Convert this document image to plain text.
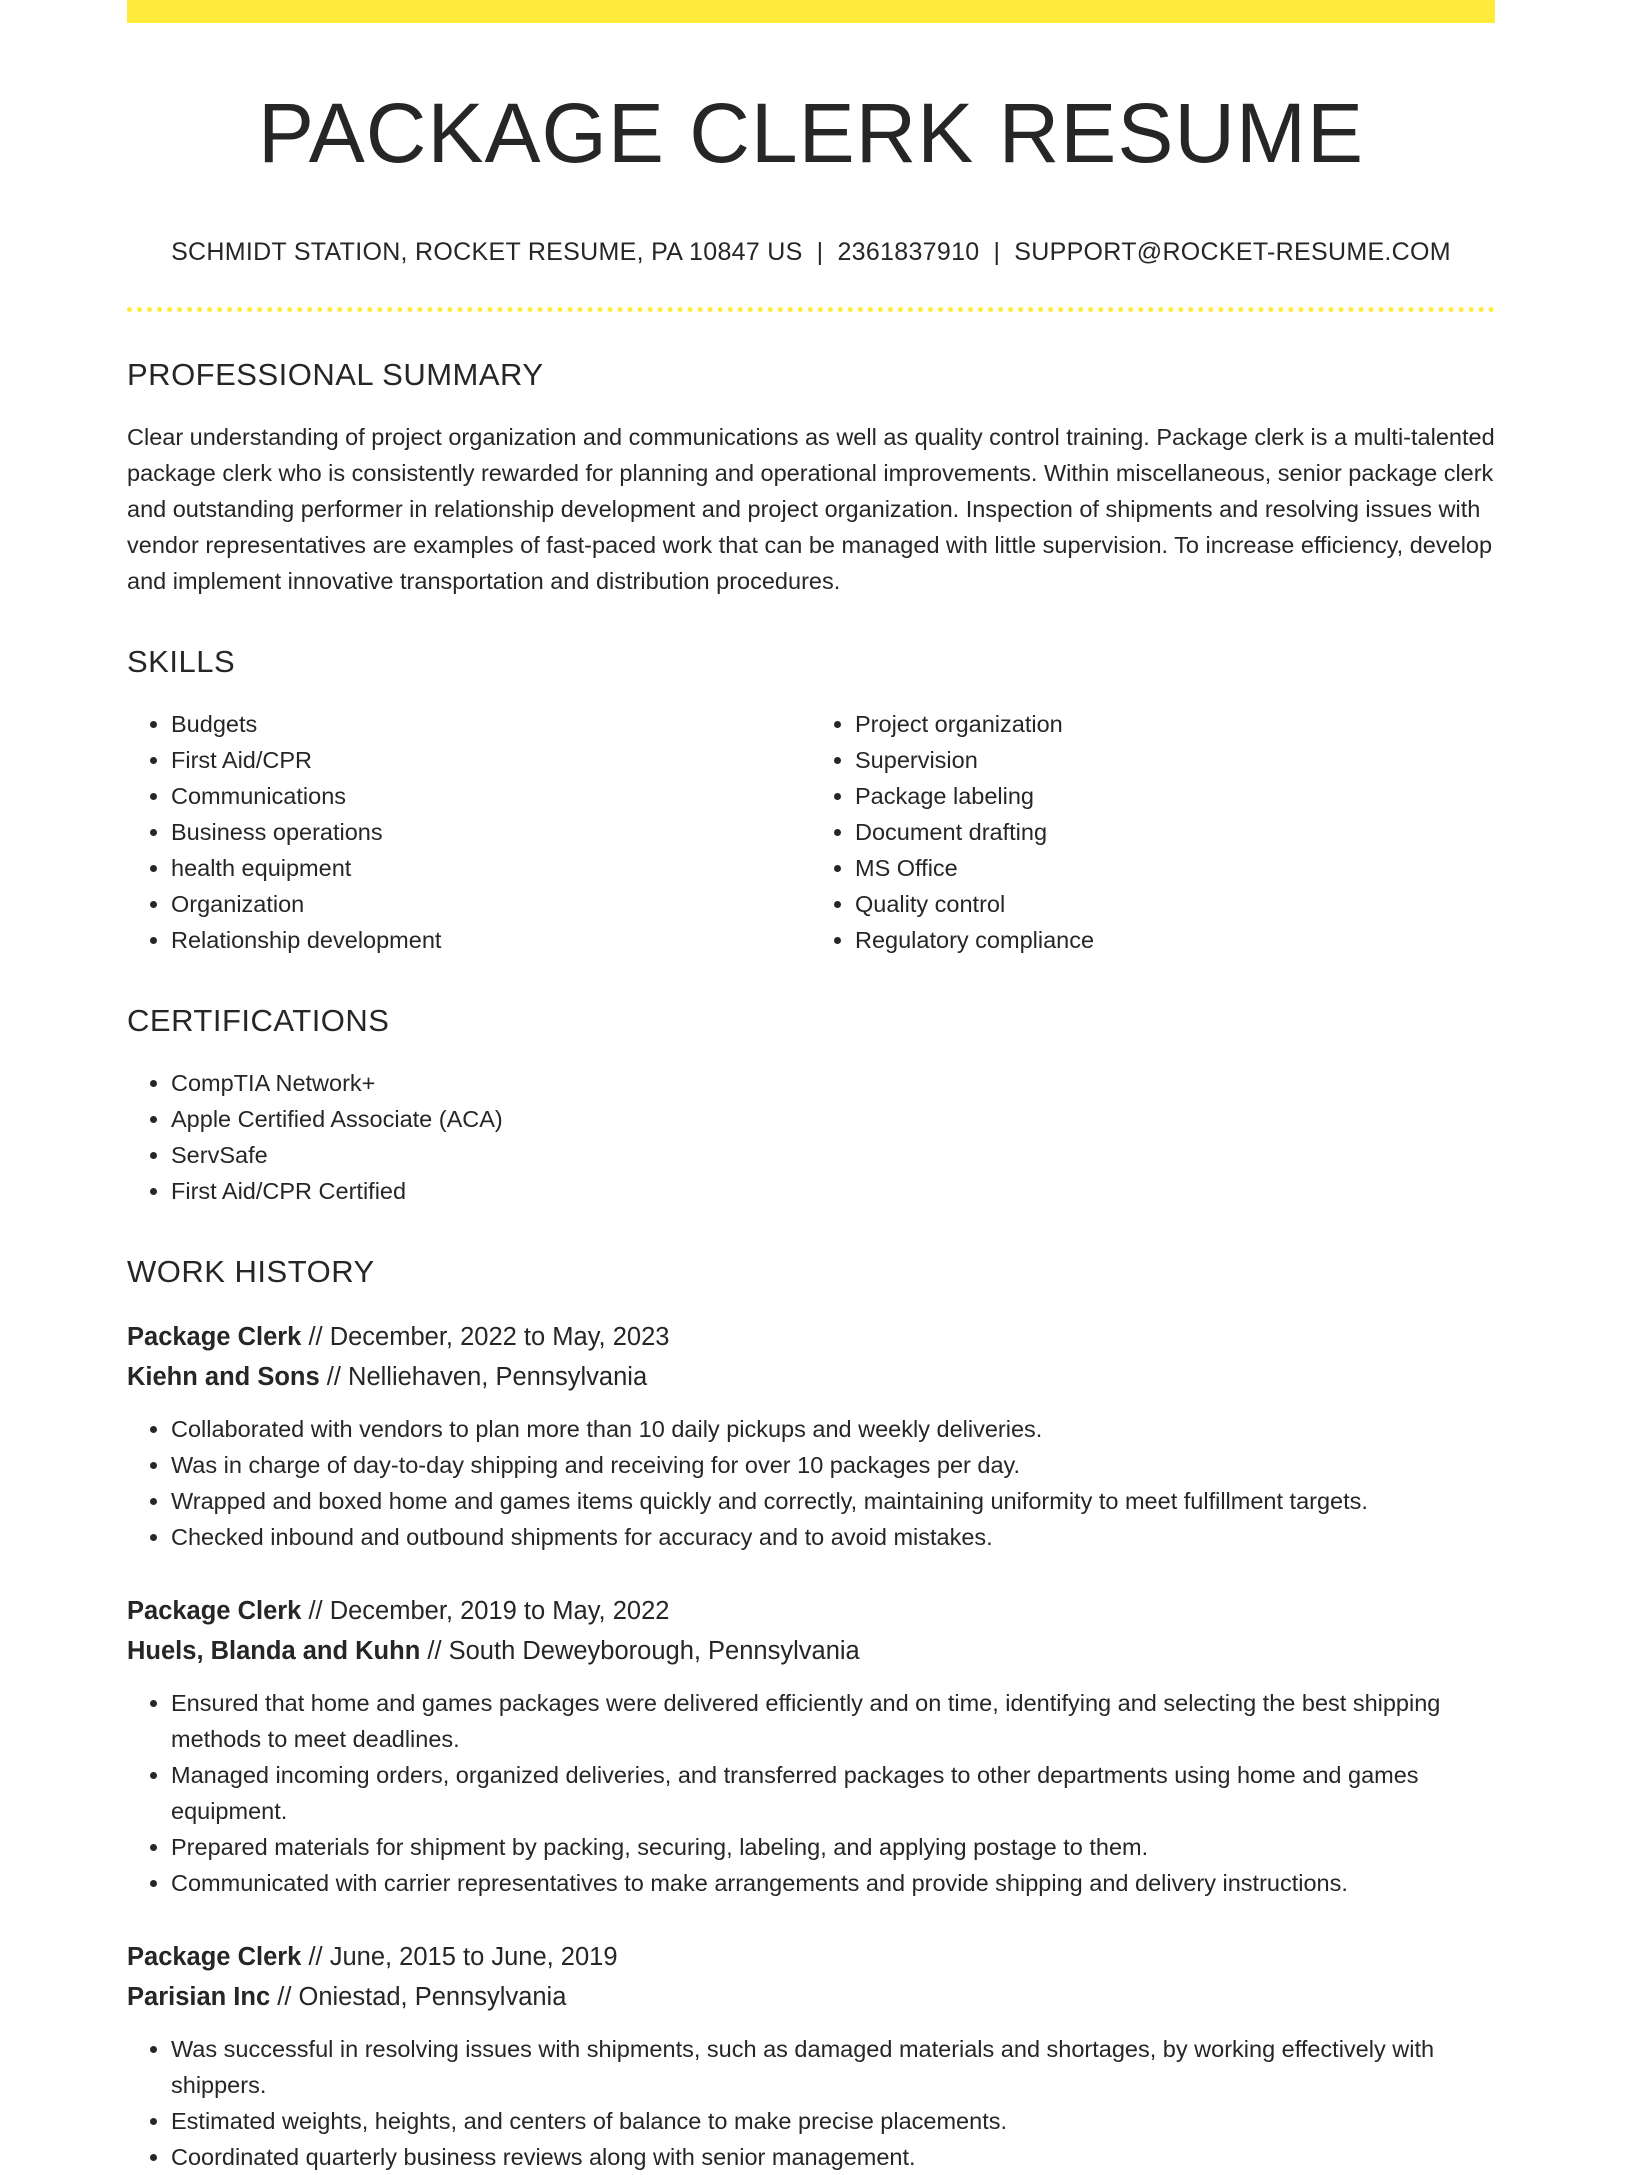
PACKAGE CLERK RESUME
SCHMIDT STATION, ROCKET RESUME, PA 10847 US | 2361837910 | SUPPORT@ROCKET-RESUME.COM
PROFESSIONAL SUMMARY

Clear understanding of project organization and communications as well as quality control training. Package clerk is a multi-talented package clerk who is consistently rewarded for planning and operational improvements. Within miscellaneous, senior package clerk and outstanding performer in relationship development and project organization. Inspection of shipments and resolving issues with vendor representatives are examples of fast-paced work that can be managed with little supervision. To increase efficiency, develop and implement innovative transportation and distribution procedures.

SKILLS
• Budgets
• First Aid/CPR
• Communications
• Business operations
• health equipment
• Organization
• Relationship development
• Project organization
• Supervision
• Package labeling
• Document drafting
• MS Office
• Quality control
• Regulatory compliance
CERTIFICATIONS
• CompTIA Network+
• Apple Certified Associate (ACA)
• ServSafe
• First Aid/CPR Certified
WORK HISTORY
Package Clerk // December, 2022 to May, 2023
Kiehn and Sons // Nelliehaven, Pennsylvania
• Collaborated with vendors to plan more than 10 daily pickups and weekly deliveries.
• Was in charge of day-to-day shipping and receiving for over 10 packages per day.
• Wrapped and boxed home and games items quickly and correctly, maintaining uniformity to meet fulfillment targets.
• Checked inbound and outbound shipments for accuracy and to avoid mistakes.
Package Clerk // December, 2019 to May, 2022
Huels, Blanda and Kuhn // South Deweyborough, Pennsylvania
• Ensured that home and games packages were delivered efficiently and on time, identifying and selecting the best shipping methods to meet deadlines.
• Managed incoming orders, organized deliveries, and transferred packages to other departments using home and games equipment.
• Prepared materials for shipment by packing, securing, labeling, and applying postage to them.
• Communicated with carrier representatives to make arrangements and provide shipping and delivery instructions.
Package Clerk // June, 2015 to June, 2019
Parisian Inc // Oniestad, Pennsylvania
• Was successful in resolving issues with shipments, such as damaged materials and shortages, by working effectively with shippers.
• Estimated weights, heights, and centers of balance to make precise placements.
• Coordinated quarterly business reviews along with senior management.
